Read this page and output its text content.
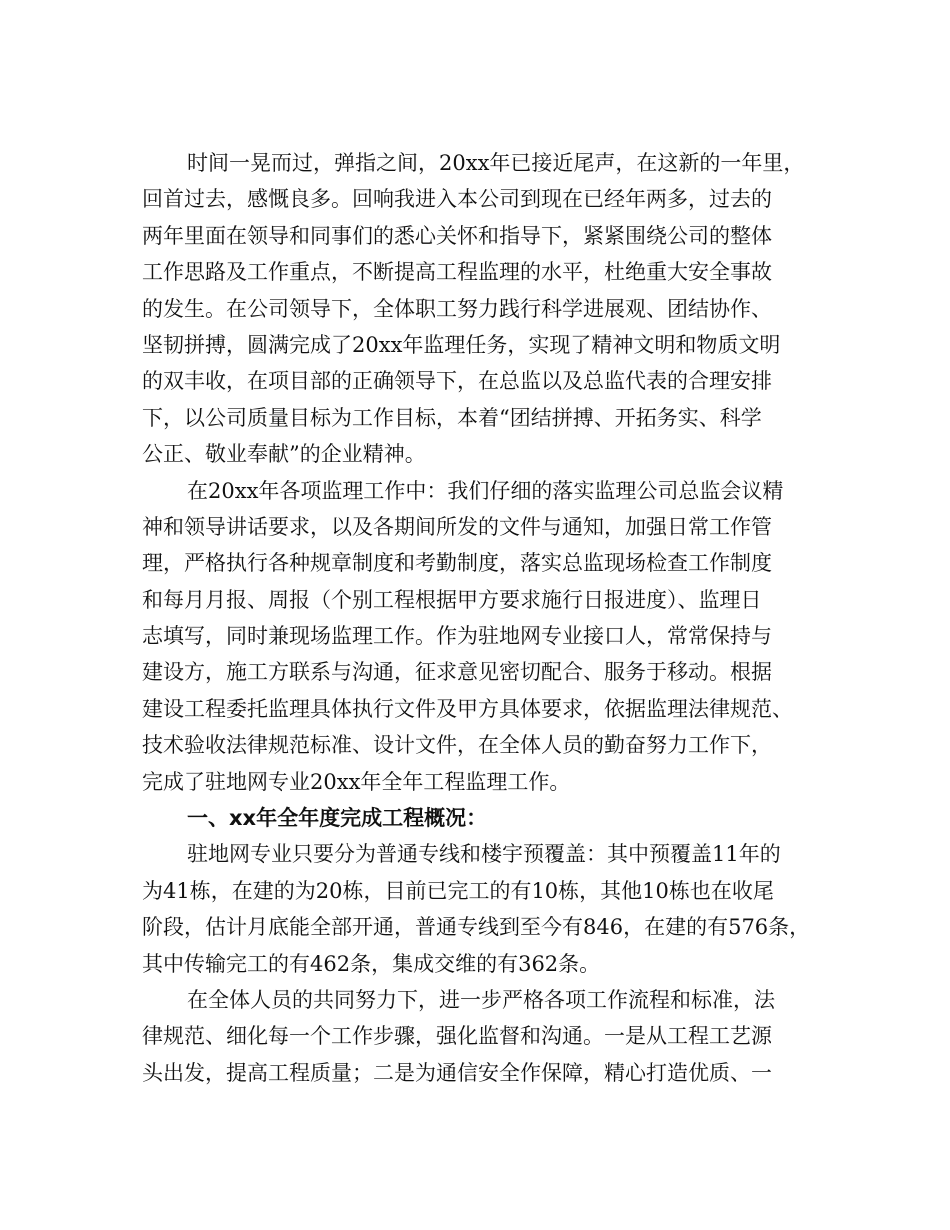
时间一晃而过，弹指之间，20xx年已接近尾声，在这新的一年里，
回首过去，感慨良多。回响我进入本公司到现在已经年两多，过去的
两年里面在领导和同事们的悉心关怀和指导下，紧紧围绕公司的整体
工作思路及工作重点，不断提高工程监理的水平，杜绝重大安全事故
的发生。在公司领导下，全体职工努力践行科学进展观、团结协作、
坚韧拼搏，圆满完成了20xx年监理任务，实现了精神文明和物质文明
的双丰收，在项目部的正确领导下，在总监以及总监代表的合理安排
下，以公司质量目标为工作目标，本着“团结拼搏、开拓务实、科学
公正、敬业奉献”的企业精神。
在20xx年各项监理工作中：我们仔细的落实监理公司总监会议精
神和领导讲话要求，以及各期间所发的文件与通知，加强日常工作管
理，严格执行各种规章制度和考勤制度，落实总监现场检查工作制度
和每月月报、周报（个别工程根据甲方要求施行日报进度）、监理日
志填写，同时兼现场监理工作。作为驻地网专业接口人，常常保持与
建设方，施工方联系与沟通，征求意见密切配合、服务于移动。根据
建设工程委托监理具体执行文件及甲方具体要求，依据监理法律规范、
技术验收法律规范标准、设计文件，在全体人员的勤奋努力工作下，
完成了驻地网专业20xx年全年工程监理工作。
一、xx年全年度完成工程概况：
驻地网专业只要分为普通专线和楼宇预覆盖：其中预覆盖11年的
为41栋，在建的为20栋，目前已完工的有10栋，其他10栋也在收尾
阶段，估计月底能全部开通，普通专线到至今有846，在建的有576条，
其中传输完工的有462条，集成交维的有362条。
在全体人员的共同努力下，进一步严格各项工作流程和标准，法
律规范、细化每一个工作步骤，强化监督和沟通。一是从工程工艺源
头出发，提高工程质量；二是为通信安全作保障，精心打造优质、一
